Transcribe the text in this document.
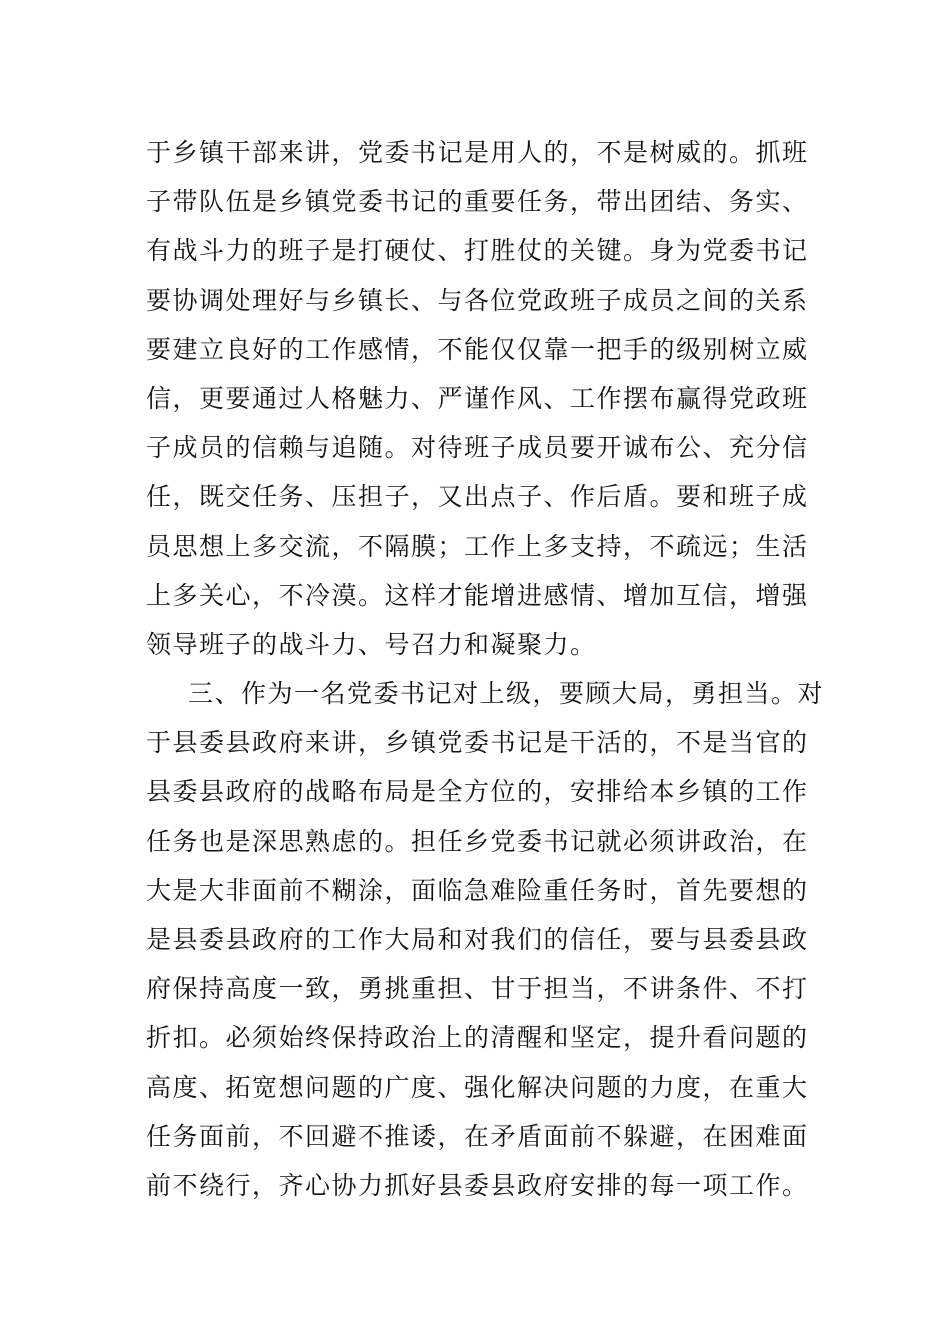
于乡镇干部来讲，党委书记是用人的，不是树威的。抓班
子带队伍是乡镇党委书记的重要任务，带出团结、务实、
有战斗力的班子是打硬仗、打胜仗的关键。身为党委书记
要协调处理好与乡镇长、与各位党政班子成员之间的关系
要建立良好的工作感情，不能仅仅靠一把手的级别树立威
信，更要通过人格魅力、严谨作风、工作摆布赢得党政班
子成员的信赖与追随。对待班子成员要开诚布公、充分信
任，既交任务、压担子，又出点子、作后盾。要和班子成
员思想上多交流，不隔膜；工作上多支持，不疏远；生活
上多关心，不冷漠。这样才能增进感情、增加互信，增强
领导班子的战斗力、号召力和凝聚力。
三、作为一名党委书记对上级，要顾大局，勇担当。对
于县委县政府来讲，乡镇党委书记是干活的，不是当官的
县委县政府的战略布局是全方位的，安排给本乡镇的工作
任务也是深思熟虑的。担任乡党委书记就必须讲政治，在
大是大非面前不糊涂，面临急难险重任务时，首先要想的
是县委县政府的工作大局和对我们的信任，要与县委县政
府保持高度一致，勇挑重担、甘于担当，不讲条件、不打
折扣。必须始终保持政治上的清醒和坚定，提升看问题的
高度、拓宽想问题的广度、强化解决问题的力度，在重大
任务面前，不回避不推诿，在矛盾面前不躲避，在困难面
前不绕行，齐心协力抓好县委县政府安排的每一项工作。
